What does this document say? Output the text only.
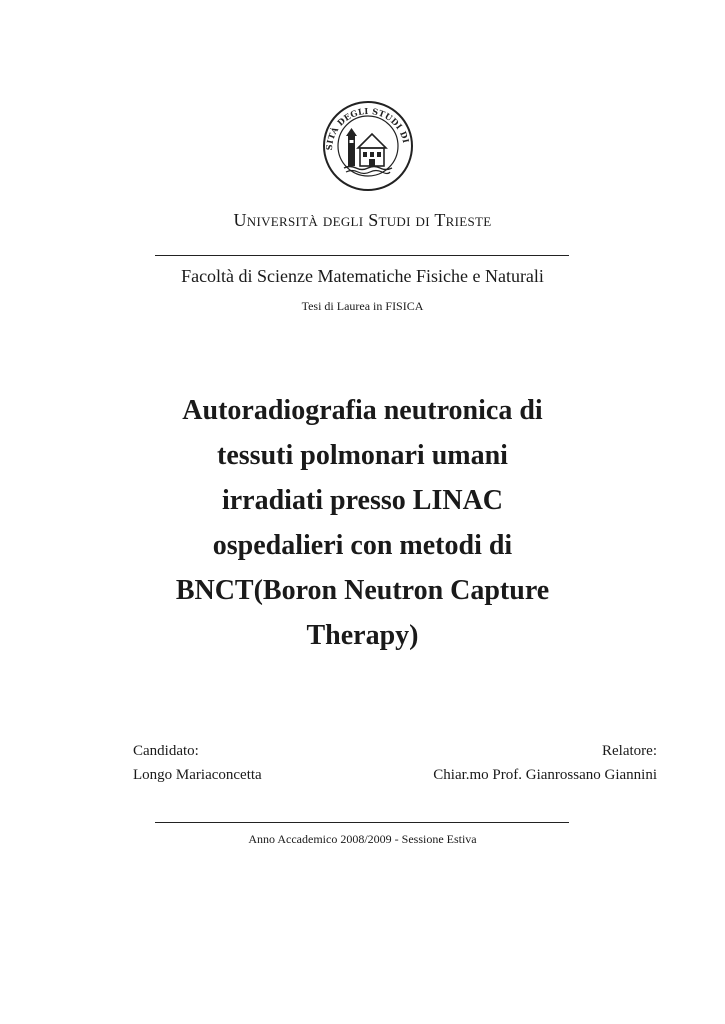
SITÀ DEGLI STUDI DI
Università degli Studi di Trieste
Facoltà di Scienze Matematiche Fisiche e Naturali
Tesi di Laurea in FISICA
Autoradiografia neutronica di
tessuti polmonari umani
irradiati presso LINAC
ospedalieri con metodi di
BNCT(Boron Neutron Capture
Therapy)
Candidato:
Longo Mariaconcetta
Relatore:
Chiar.mo Prof. Gianrossano Giannini
Anno Accademico 2008/2009 - Sessione Estiva
